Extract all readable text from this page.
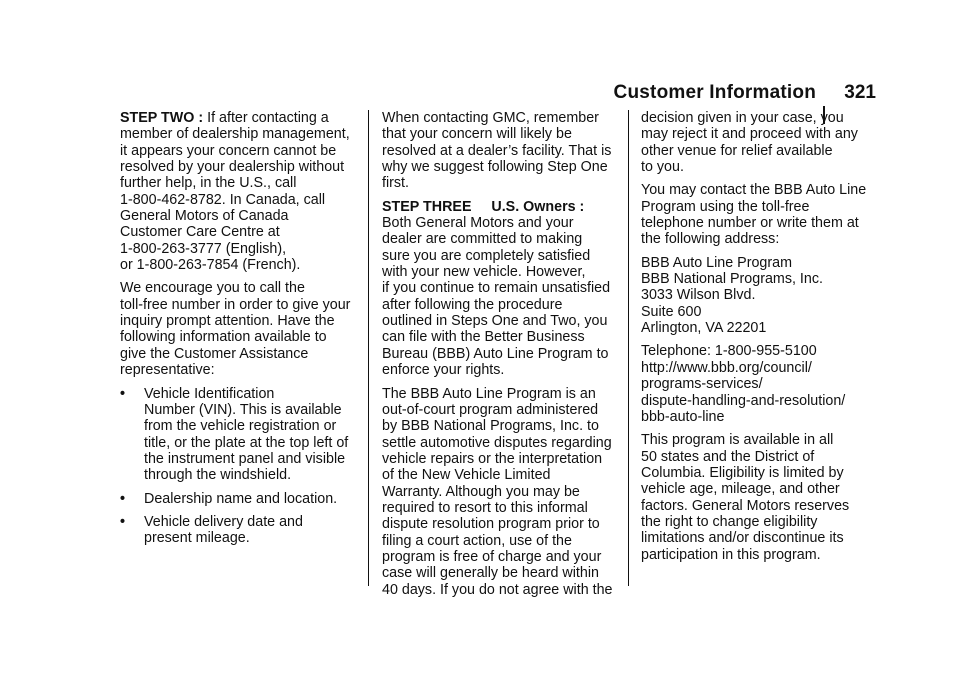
Customer Information	321

STEP TWO : If after contacting a
member of dealership management,
it appears your concern cannot be
resolved by your dealership without
further help, in the U.S., call
1-800-462-8782. In Canada, call
General Motors of Canada
Customer Care Centre at
1-800-263-3777 (English),
or 1-800-263-7854 (French).

We encourage you to call the
toll-free number in order to give your
inquiry prompt attention. Have the
following information available to
give the Customer Assistance
representative:

• Vehicle Identification
Number (VIN). This is available
from the vehicle registration or
title, or the plate at the top left of
the instrument panel and visible
through the windshield.
• Dealership name and location.
• Vehicle delivery date and
present mileage.

When contacting GMC, remember
that your concern will likely be
resolved at a dealer’s facility. That is
why we suggest following Step One
first.

STEP THREE     U.S. Owners :
Both General Motors and your
dealer are committed to making
sure you are completely satisfied
with your new vehicle. However,
if you continue to remain unsatisfied
after following the procedure
outlined in Steps One and Two, you
can file with the Better Business
Bureau (BBB) Auto Line Program to
enforce your rights.

The BBB Auto Line Program is an
out-of-court program administered
by BBB National Programs, Inc. to
settle automotive disputes regarding
vehicle repairs or the interpretation
of the New Vehicle Limited
Warranty. Although you may be
required to resort to this informal
dispute resolution program prior to
filing a court action, use of the
program is free of charge and your
case will generally be heard within
40 days. If you do not agree with the

decision given in your case, you
may reject it and proceed with any
other venue for relief available
to you.

You may contact the BBB Auto Line
Program using the toll-free
telephone number or write them at
the following address:

BBB Auto Line Program
BBB National Programs, Inc.
3033 Wilson Blvd.
Suite 600
Arlington, VA 22201

Telephone: 1-800-955-5100
http://www.bbb.org/council/
programs-services/
dispute-handling-and-resolution/
bbb-auto-line

This program is available in all
50 states and the District of
Columbia. Eligibility is limited by
vehicle age, mileage, and other
factors. General Motors reserves
the right to change eligibility
limitations and/or discontinue its
participation in this program.
